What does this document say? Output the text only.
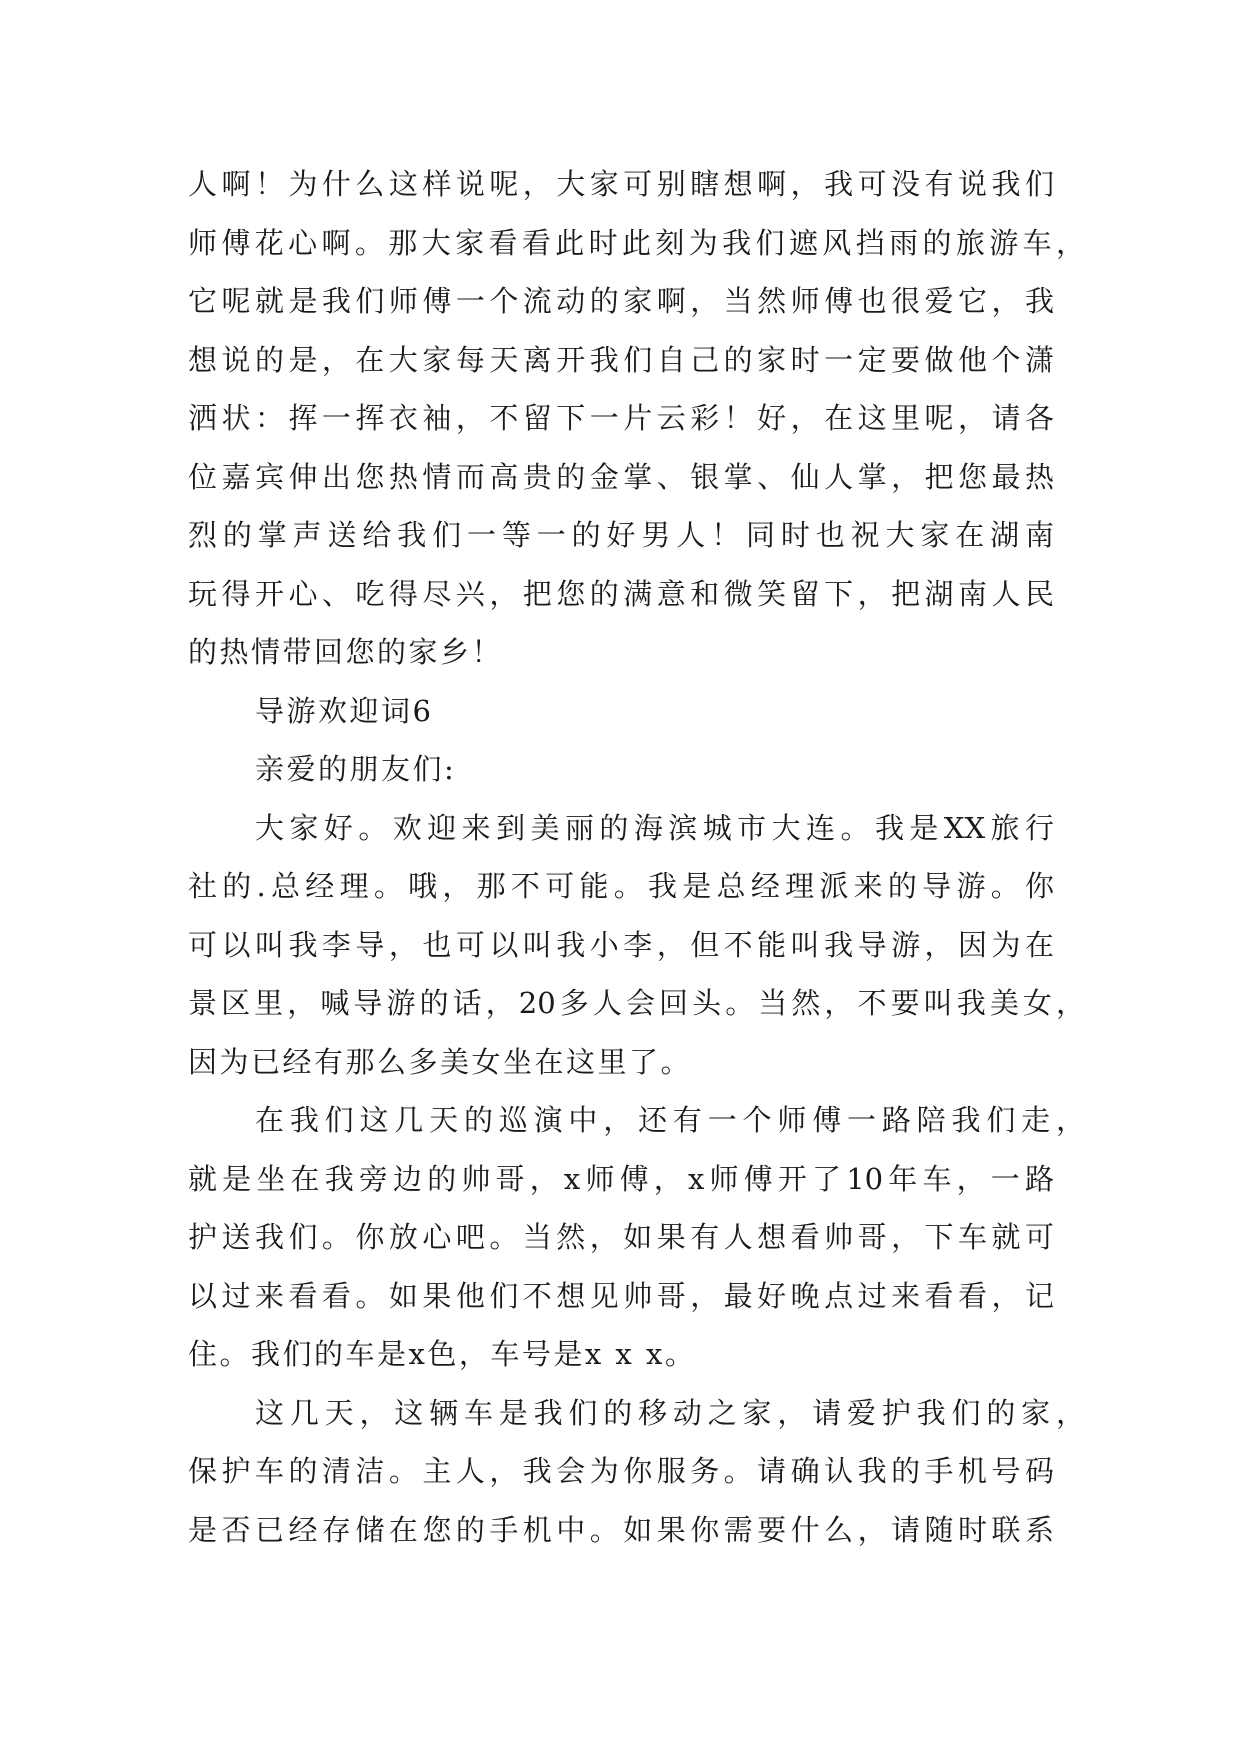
人啊！为什么这样说呢，大家可别瞎想啊，我可没有说我们
师傅花心啊。那大家看看此时此刻为我们遮风挡雨的旅游车，
它呢就是我们师傅一个流动的家啊，当然师傅也很爱它，我
想说的是，在大家每天离开我们自己的家时一定要做他个潇
洒状：挥一挥衣袖，不留下一片云彩！好，在这里呢，请各
位嘉宾伸出您热情而高贵的金掌、银掌、仙人掌，把您最热
烈的掌声送给我们一等一的好男人！同时也祝大家在湖南
玩得开心、吃得尽兴，把您的满意和微笑留下，把湖南人民
的热情带回您的家乡！
导游欢迎词6
亲爱的朋友们:
大家好。欢迎来到美丽的海滨城市大连。我是XX旅行
社的.总经理。哦，那不可能。我是总经理派来的导游。你
可以叫我李导，也可以叫我小李，但不能叫我导游，因为在
景区里，喊导游的话，20多人会回头。当然，不要叫我美女，
因为已经有那么多美女坐在这里了。
在我们这几天的巡演中，还有一个师傅一路陪我们走，
就是坐在我旁边的帅哥，x师傅，x师傅开了10年车，一路
护送我们。你放心吧。当然，如果有人想看帅哥，下车就可
以过来看看。如果他们不想见帅哥，最好晚点过来看看，记
住。我们的车是x色，车号是x x x。
这几天，这辆车是我们的移动之家，请爱护我们的家，
保护车的清洁。主人，我会为你服务。请确认我的手机号码
是否已经存储在您的手机中。如果你需要什么，请随时联系
